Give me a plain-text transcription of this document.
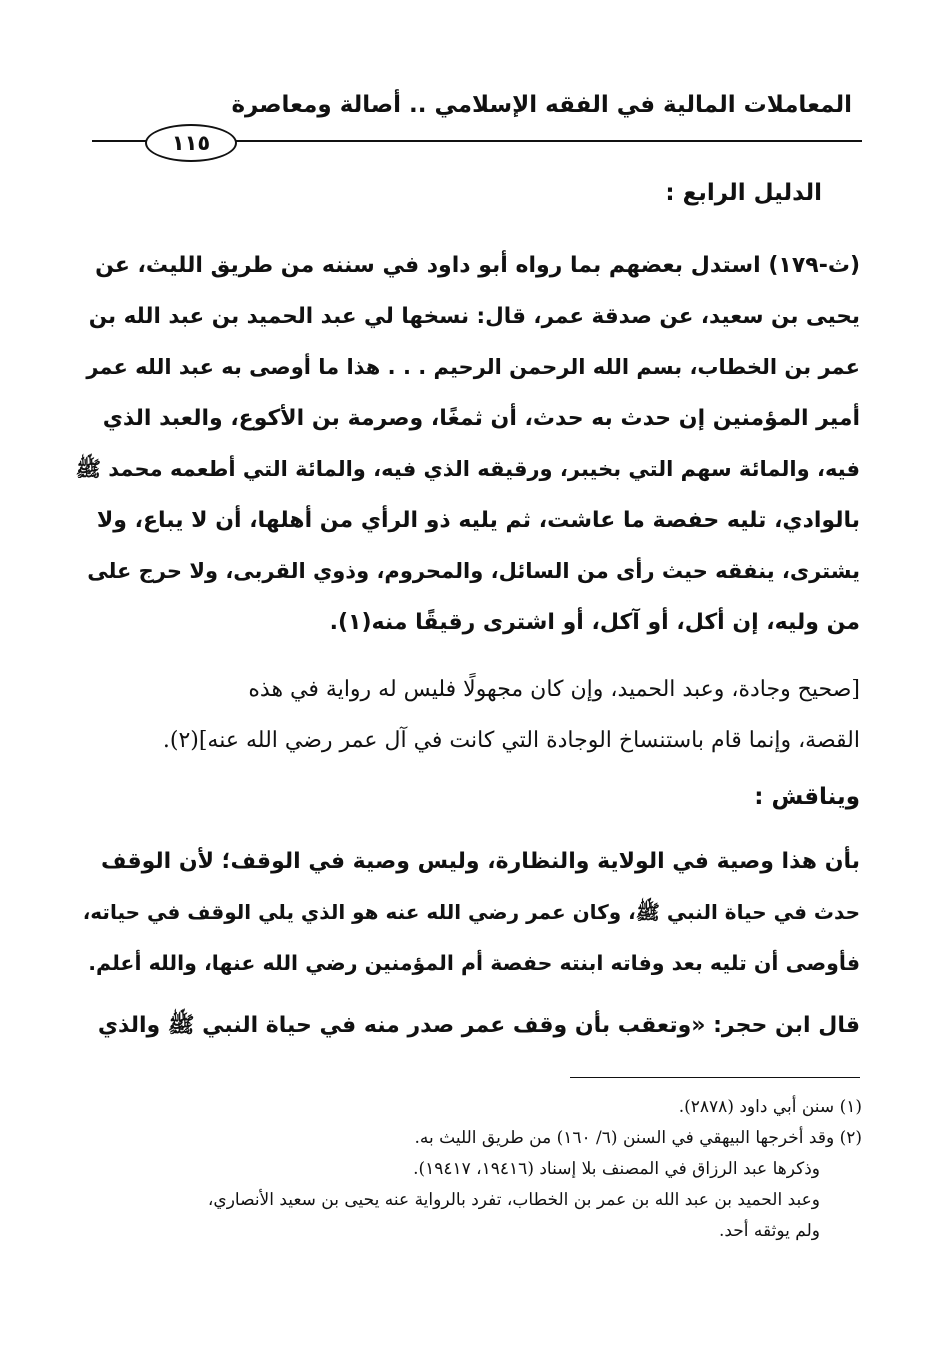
المعاملات المالية في الفقه الإسلامي .. أصالة ومعاصرة
١١٥
الدليل الرابع :
(ث-١٧٩) استدل بعضهم بما رواه أبو داود في سننه من طريق الليث، عن
يحيى بن سعيد، عن صدقة عمر، قال: نسخها لي عبد الحميد بن عبد الله بن
عمر بن الخطاب، بسم الله الرحمن الرحيم . . . هذا ما أوصى به عبد الله عمر
أمير المؤمنين إن حدث به حدث، أن ثمغًا، وصرمة بن الأكوع، والعبد الذي
فيه، والمائة سهم التي بخيبر، ورقيقه الذي فيه، والمائة التي أطعمه محمد ﷺ
بالوادي، تليه حفصة ما عاشت، ثم يليه ذو الرأي من أهلها، أن لا يباع، ولا
يشترى، ينفقه حيث رأى من السائل، والمحروم، وذوي القربى، ولا حرج على
من وليه، إن أكل، أو آكل، أو اشترى رقيقًا منه(١).
[صحيح وجادة، وعبد الحميد، وإن كان مجهولًا فليس له رواية في هذه
القصة، وإنما قام باستنساخ الوجادة التي كانت في آل عمر رضي الله عنه](٢).
ويناقش :
بأن هذا وصية في الولاية والنظارة، وليس وصية في الوقف؛ لأن الوقف
حدث في حياة النبي ﷺ، وكان عمر رضي الله عنه هو الذي يلي الوقف في حياته،
فأوصى أن تليه بعد وفاته ابنته حفصة أم المؤمنين رضي الله عنها، والله أعلم.
قال ابن حجر: «وتعقب بأن وقف عمر صدر منه في حياة النبي ﷺ والذي
(١) سنن أبي داود (٢٨٧٨).
(٢) وقد أخرجها البيهقي في السنن (٦/ ١٦٠) من طريق الليث به.
وذكرها عبد الرزاق في المصنف بلا إسناد (١٩٤١٦، ١٩٤١٧).
وعبد الحميد بن عبد الله بن عمر بن الخطاب، تفرد بالرواية عنه يحيى بن سعيد الأنصاري،
ولم يوثقه أحد.
